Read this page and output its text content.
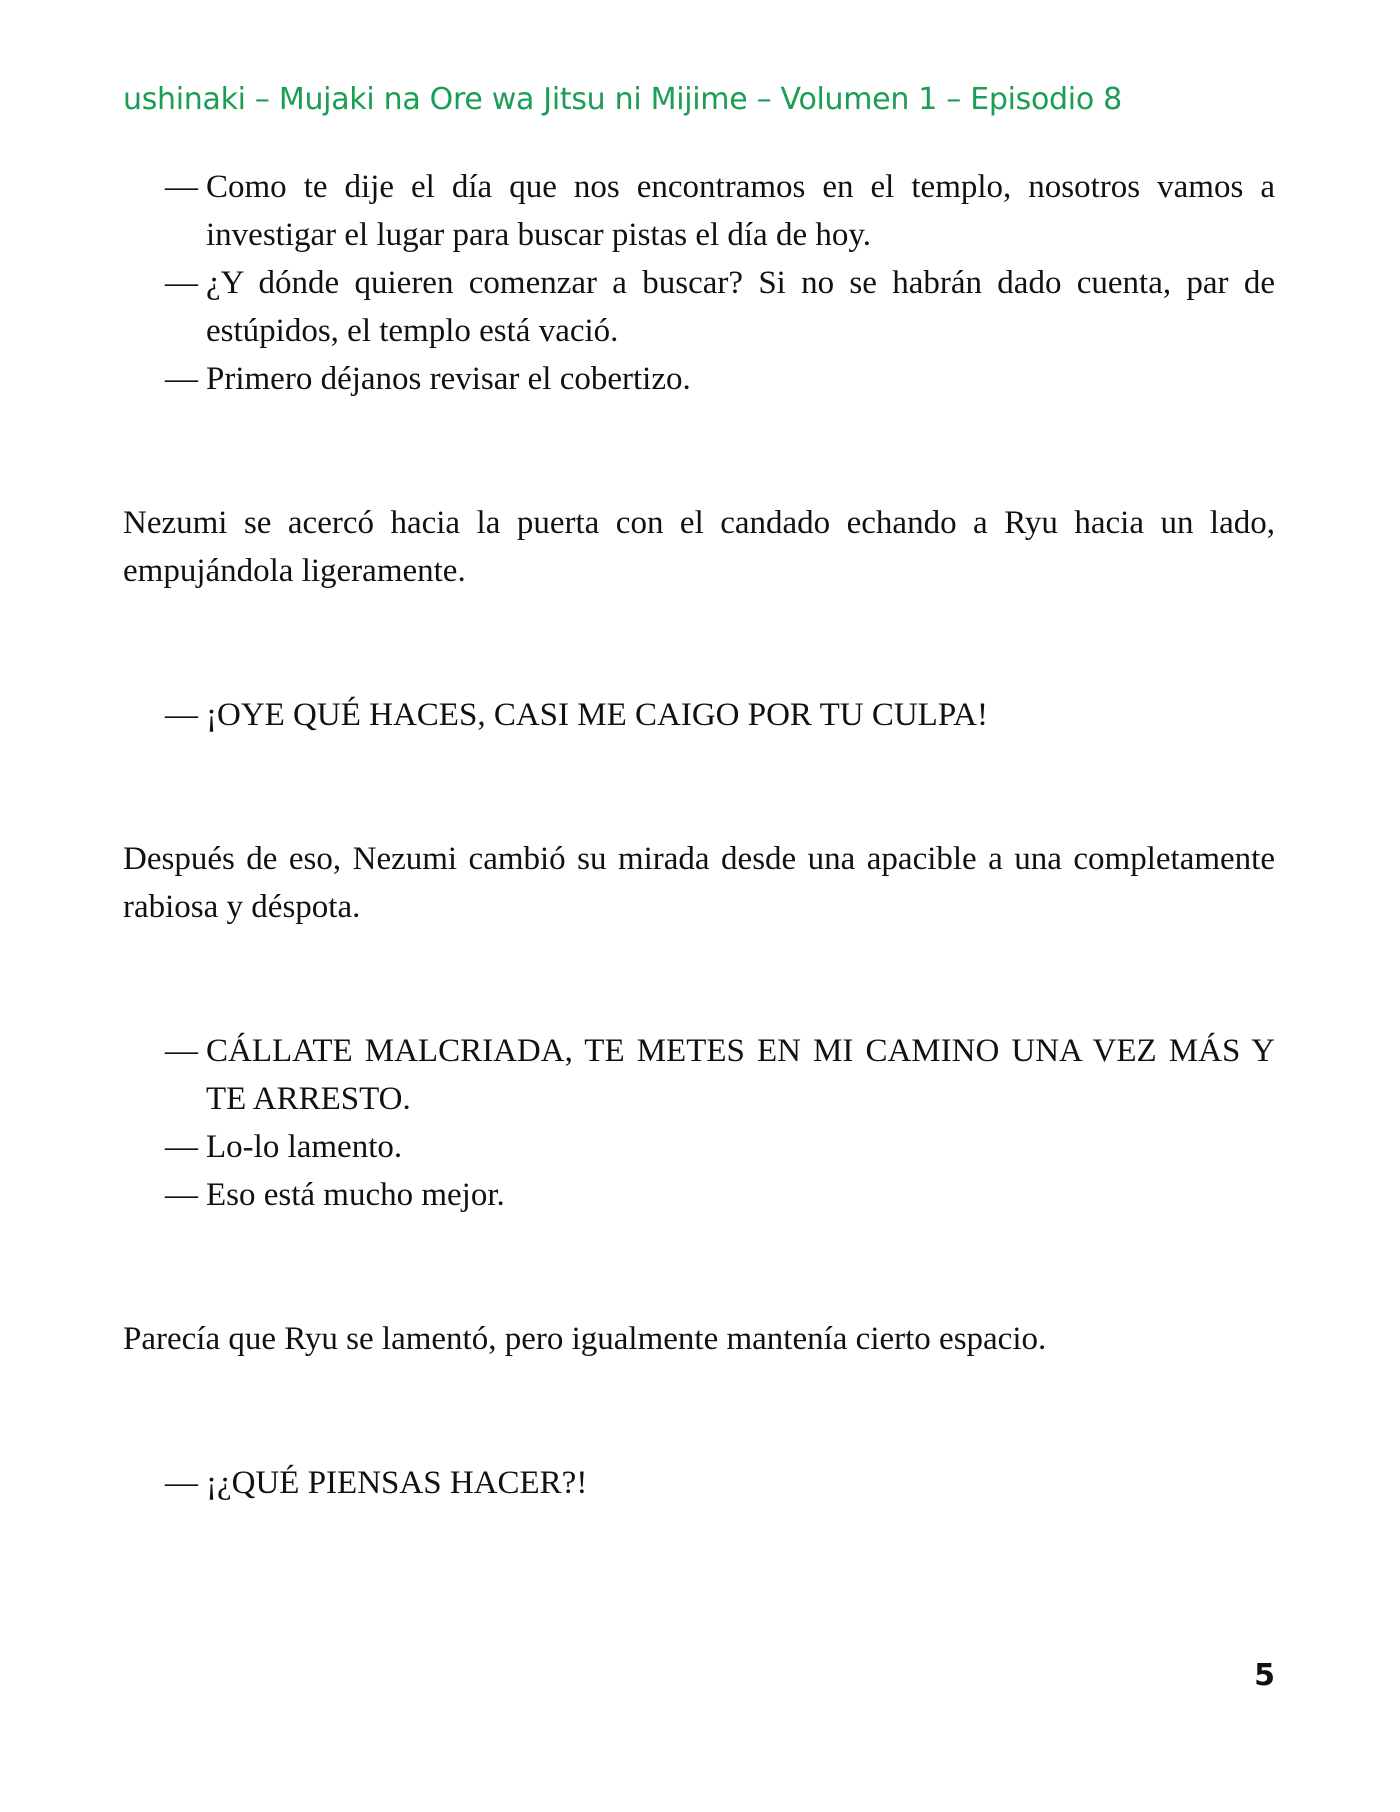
ushinaki – Mujaki na Ore wa Jitsu ni Mijime – Volumen 1 – Episodio 8
— Como te dije el día que nos encontramos en el templo, nosotros vamos a investigar el lugar para buscar pistas el día de hoy.
— ¿Y dónde quieren comenzar a buscar? Si no se habrán dado cuenta, par de estúpidos, el templo está vació.
— Primero déjanos revisar el cobertizo.

Nezumi se acercó hacia la puerta con el candado echando a Ryu hacia un lado, empujándola ligeramente.

— ¡OYE QUÉ HACES, CASI ME CAIGO POR TU CULPA!

Después de eso, Nezumi cambió su mirada desde una apacible a una completamente rabiosa y déspota.

— CÁLLATE MALCRIADA, TE METES EN MI CAMINO UNA VEZ MÁS Y TE ARRESTO.
— Lo-lo lamento.
— Eso está mucho mejor.

Parecía que Ryu se lamentó, pero igualmente mantenía cierto espacio.

— ¡¿QUÉ PIENSAS HACER?!
5
